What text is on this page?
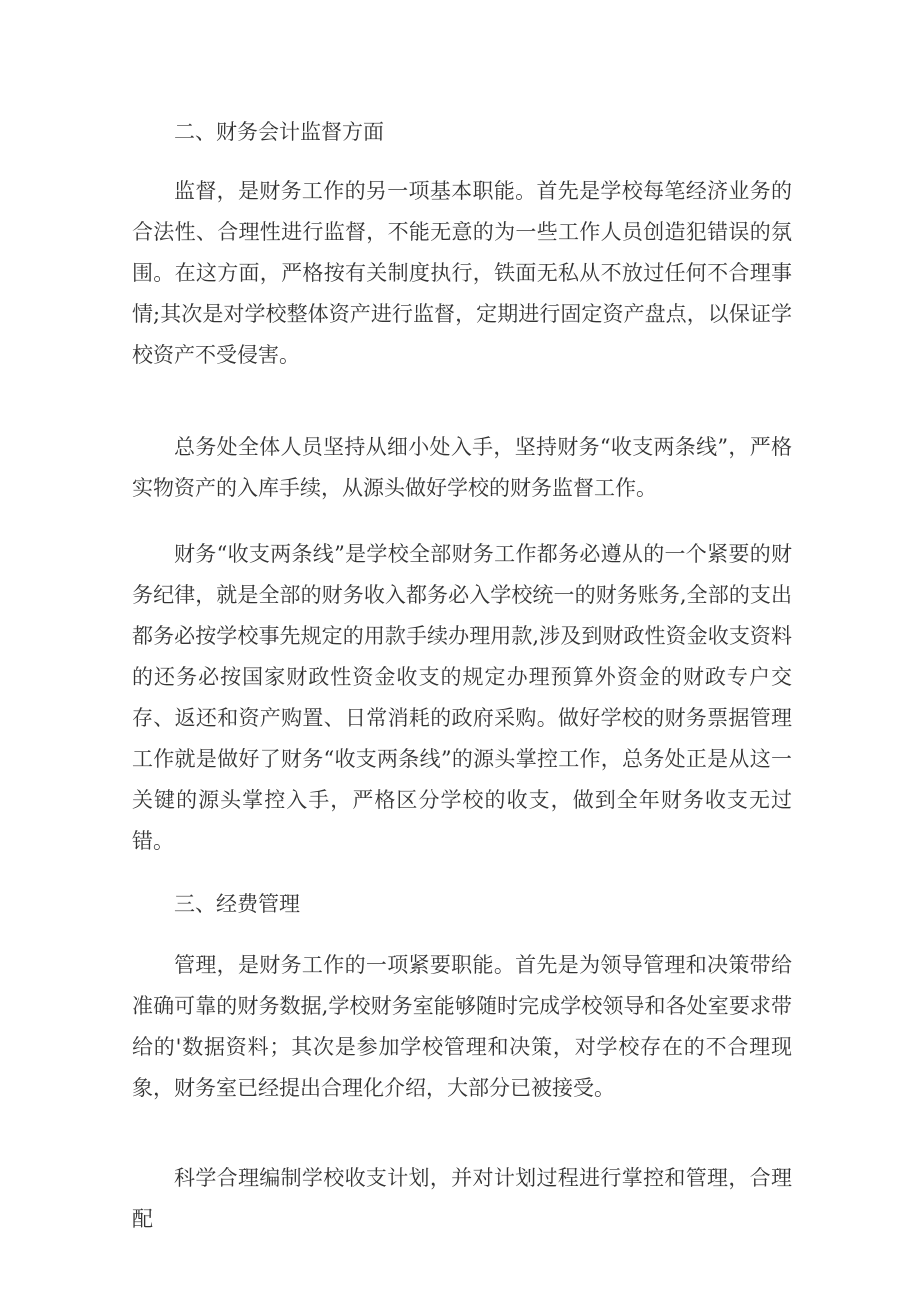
二、财务会计监督方面

监督，是财务工作的另一项基本职能。首先是学校每笔经济业务的合法性、合理性进行监督，不能无意的为一些工作人员创造犯错误的氛围。在这方面，严格按有关制度执行，铁面无私从不放过任何不合理事情;其次是对学校整体资产进行监督，定期进行固定资产盘点，以保证学校资产不受侵害。

总务处全体人员坚持从细小处入手，坚持财务“收支两条线”，严格实物资产的入库手续，从源头做好学校的财务监督工作。

财务“收支两条线”是学校全部财务工作都务必遵从的一个紧要的财务纪律，就是全部的财务收入都务必入学校统一的财务账务,全部的支出都务必按学校事先规定的用款手续办理用款,涉及到财政性资金收支资料的还务必按国家财政性资金收支的规定办理预算外资金的财政专户交存、返还和资产购置、日常消耗的政府采购。做好学校的财务票据管理工作就是做好了财务“收支两条线”的源头掌控工作，总务处正是从这一关键的源头掌控入手，严格区分学校的收支，做到全年财务收支无过错。

三、经费管理

管理，是财务工作的一项紧要职能。首先是为领导管理和决策带给准确可靠的财务数据,学校财务室能够随时完成学校领导和各处室要求带给的'数据资料；其次是参加学校管理和决策，对学校存在的不合理现象，财务室已经提出合理化介绍，大部分已被接受。

科学合理编制学校收支计划，并对计划过程进行掌控和管理，合理配
